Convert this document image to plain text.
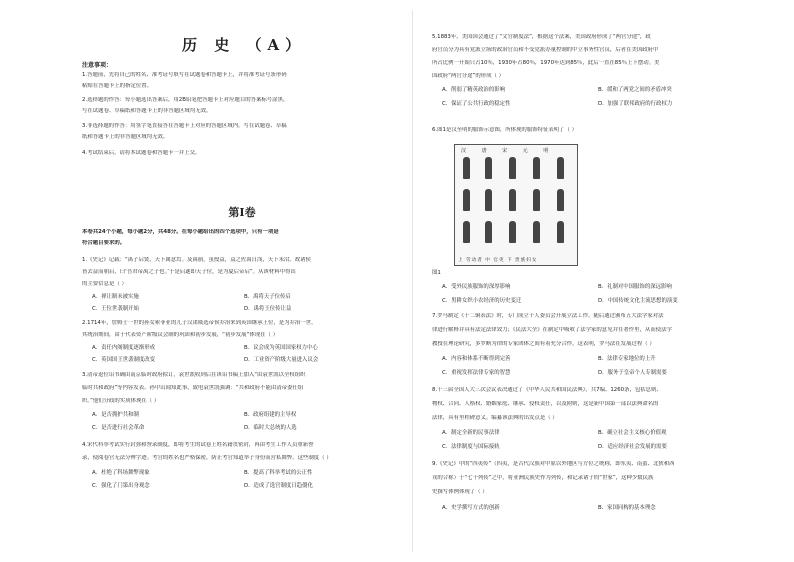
历 史 （A）
注意事项：
1.答题前，先将自己的姓名、准考证号填写在试题卷和答题卡上，并将准考证号条形码
粘贴在答题卡上的指定位置。
2.选择题的作答：每小题选出答案后，用2B铅笔把答题卡上对应题目的答案标号涂黑，
写在试题卷、草稿纸和答题卡上的非答题区域均无效。
3.非选择题的作答：用签字笔直接答在答题卡上对应的答题区域内。写在试题卷、草稿
纸和答题卡上的非答题区域均无效。
4.考试结束后，请将本试题卷和答题卡一并上交。
第Ⅰ卷
本卷共24个小题，每小题2分，共48分。在每小题给出的四个选项中，只有一项是
符合题目要求的。
1.《史记》记载：“禹子启贤，天下属意焉。及禹崩，虽授益，益之佐禹日浅，天下未洽。故诸侯
皆去益而朝启，曰‘吾君帝禹之子也。’于是启遂即天子位，是为夏后帝启”。从该材料中得出
的主要信息是（ ）
A．禅让制未被实施	B．禹将天子位传启
C．王位世袭制开始	D．禹将王位传让益
2.1714年，詹姆士一世的孙女索菲亚的儿子汉诺威选帝侯乔治来到英国继承王位，是为乔治一世。
其统治期间，由于代表资产阶级议会制的巩固和初步发展，“初步发展”体现在（ ）
A．责任内阁制度逐渐形成	B．议会成为英国国家权力中心
C．英国国王世袭制度改变	D．工业资产阶级大量进入议会
3.清帝退位诏书确由南京临时政府拟订，袁世凯收到后在该诏书稿上加入“由袁世凯以全权组织
临时共和政府”等内容发表。孙中山闻知此事，致电袁世凯强调：“共和政府不能由清帝委任组
织。”他们分歧的实质体现在（ ）
A．是否拥护共和制	B．政府组建的主导权
C．是否进行社会革命	D．临时大总统的人选
4.宋代科举考试实行封弥和誊录制度，即将考生的试卷上姓名籍贯密封，再由考生工作人员重新誊
录，使阅卷官无法分辨字迹。考官的姓名也严格保密，防止考官知道举子身份而营私舞弊。这些制度（ ）
A．杜绝了科场舞弊现象	B．提高了科举考试的公正性
C．强化了门第出身观念	D．造成了选官制度日趋僵化
5.1883年，美国国会通过了“文官制度法”，根据这个法案，美国政府形成了“两官分途”，政
府官员分为具有党派立场的政治官员和不受党派办量控制的中立事务性官员，后者在美国政府中
所占比例一开始只占10％，1930年占80％，1970年达到85％，此后一直在85％上下摆动。美
国政府“两官分途”的形成（ ）
A．削弱了精英政治的影响	B．缓和了两党之间的矛盾冲突
C．保证了公共行政的稳定性	D．加强了联邦政府的行政权力
6.图1是汉至明的服饰示意图，所体现的服饰特征表明了（ ）
汉 唐 宋 元 明
上 劳动者 中 官吏 下 贵族妇女
图1
A．受外民族服饰的深厚影响	B．礼制对中国服饰的深远影响
C．男耕女织小农经济的历史变迁	D．中国传统文化主流思想的演变
7.罗马制定《十二铜表法》时，专门成立十人委员会开展立法工作，随后通过颁布五大法学家对法
律进行解释并具有法定法律效力；《民法大全》在制定中吸收了法学家的意见并在著作里，从而使法学
教授在理论研究，多罗断为律的专家团体之间有着充分合作，这表明，罗马法在发展过程（ ）
A．内容和体系不断得到完善	B．法律专家地位的上升
C．重视发挥法律专家的智慧	D．服务于皇帝个人专制需要
8.十三届全国人大三次会议表决通过了《中华人民共和国民法典》，共7编、1260条，包括总则、
物权、合同、人格权、婚姻家庭、继承、侵权责任，以及附则，这是新中国第一部以法典命名的
法律，具有里程碑意义。编纂该法典的出发点是（ ）
A．制定全新的民事法律	B．确立社会主义核心价值观
C．法律制度与国际接轨	D．适应经济社会发展的需要
9.《史记》中的“四夷传”（四夷，是古代汉族对中原以外地区与方位之统称，即东夷、南蛮、北狄和西
戎的合称）于“七十列传”之中，将亚洲民族史作为列传，和记录诸子的“世家”，这种少数民族
史撰写体例体现了（ ）
A．史学撰写方式的创新	B．家国同构的基本理念
